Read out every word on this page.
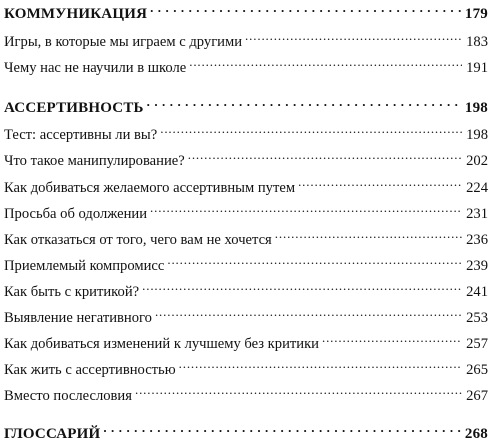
КОММУНИКАЦИЯ . . .	179
Игры, в которые мы играем с другими . . .	183
Чему нас не научили в школе . . .	191
АССЕРТИВНОСТЬ . . .	198
Тест: ассертивны ли вы? . . .	198
Что такое манипулирование? . . .	202
Как добиваться желаемого ассертивным путем . . .	224
Просьба об одолжении . . .	231
Как отказаться от того, чего вам не хочется . . .	236
Приемлемый компромисс . . .	239
Как быть с критикой? . . .	241
Выявление негативного . . .	253
Как добиваться изменений к лучшему без критики . . .	257
Как жить с ассертивностью . . .	265
Вместо послесловия . . .	267
ГЛОССАРИЙ . . .	268
